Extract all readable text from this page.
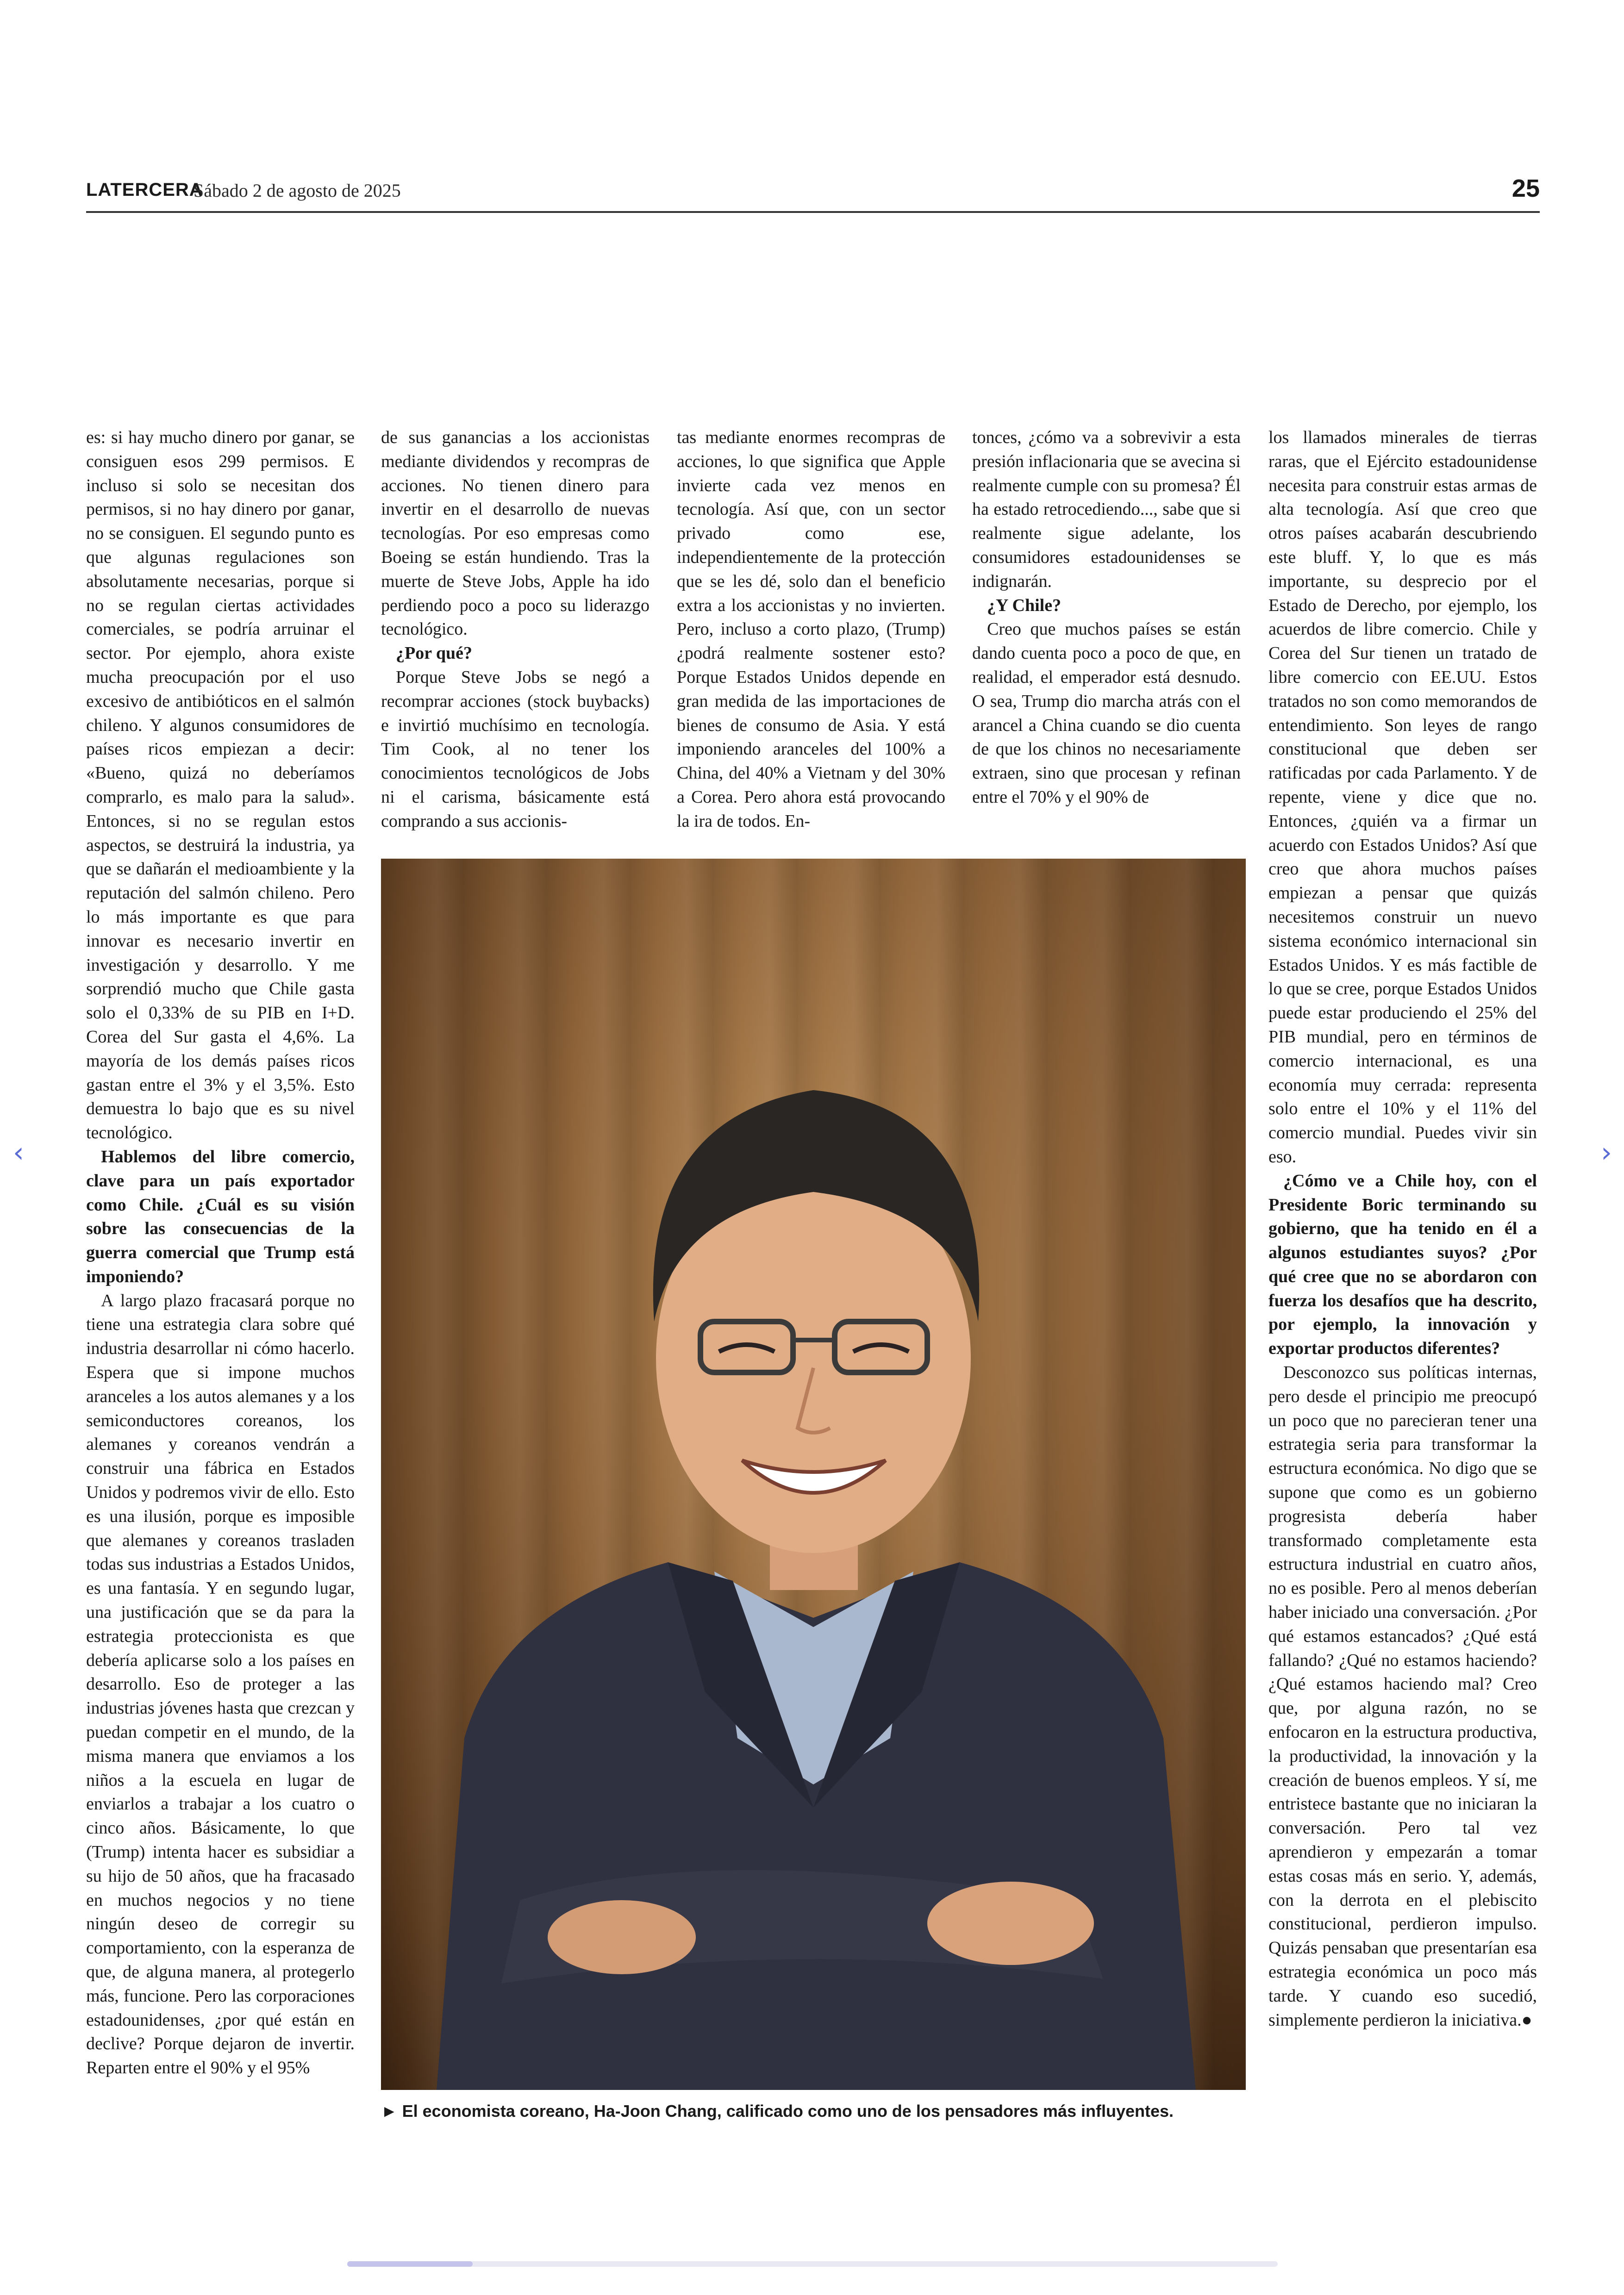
LATERCERA
Sábado 2 de agosto de 2025	25

es: si hay mucho dinero por ganar, se consiguen esos 299 permisos. E incluso si solo se necesitan dos permisos, si no hay dinero por ganar, no se consiguen. El segundo punto es que algunas regulaciones son absolutamente necesarias, porque si no se regulan ciertas actividades comerciales, se podría arruinar el sector. Por ejemplo, ahora existe mucha preocupación por el uso excesivo de antibióticos en el salmón chileno. Y algunos consumidores de países ricos empiezan a decir: «Bueno, quizá no deberíamos comprarlo, es malo para la salud». Entonces, si no se regulan estos aspectos, se destruirá la industria, ya que se dañarán el medioambiente y la reputación del salmón chileno. Pero lo más importante es que para innovar es necesario invertir en investigación y desarrollo. Y me sorprendió mucho que Chile gasta solo el 0,33% de su PIB en I+D. Corea del Sur gasta el 4,6%. La mayoría de los demás países ricos gastan entre el 3% y el 3,5%. Esto demuestra lo bajo que es su nivel tecnológico.

Hablemos del libre comercio, clave para un país exportador como Chile. ¿Cuál es su visión sobre las consecuencias de la guerra comercial que Trump está imponiendo?

A largo plazo fracasará porque no tiene una estrategia clara sobre qué industria desarrollar ni cómo hacerlo. Espera que si impone muchos aranceles a los autos alemanes y a los semiconductores coreanos, los alemanes y coreanos vendrán a construir una fábrica en Estados Unidos y podremos vivir de ello. Esto es una ilusión, porque es imposible que alemanes y coreanos trasladen todas sus industrias a Estados Unidos, es una fantasía. Y en segundo lugar, una justificación que se da para la estrategia proteccionista es que debería aplicarse solo a los países en desarrollo. Eso de proteger a las industrias jóvenes hasta que crezcan y puedan competir en el mundo, de la misma manera que enviamos a los niños a la escuela en lugar de enviarlos a trabajar a los cuatro o cinco años. Básicamente, lo que (Trump) intenta hacer es subsidiar a su hijo de 50 años, que ha fracasado en muchos negocios y no tiene ningún deseo de corregir su comportamiento, con la esperanza de que, de alguna manera, al protegerlo más, funcione. Pero las corporaciones estadounidenses, ¿por qué están en declive? Porque dejaron de invertir. Reparten entre el 90% y el 95%

de sus ganancias a los accionistas mediante dividendos y recompras de acciones. No tienen dinero para invertir en el desarrollo de nuevas tecnologías. Por eso empresas como Boeing se están hundiendo. Tras la muerte de Steve Jobs, Apple ha ido perdiendo poco a poco su liderazgo tecnológico.

¿Por qué?

Porque Steve Jobs se negó a recomprar acciones (stock buybacks) e invirtió muchísimo en tecnología. Tim Cook, al no tener los conocimientos tecnológicos de Jobs ni el carisma, básicamente está comprando a sus accionis-

tas mediante enormes recompras de acciones, lo que significa que Apple invierte cada vez menos en tecnología. Así que, con un sector privado como ese, independientemente de la protección que se les dé, solo dan el beneficio extra a los accionistas y no invierten. Pero, incluso a corto plazo, (Trump) ¿podrá realmente sostener esto? Porque Estados Unidos depende en gran medida de las importaciones de bienes de consumo de Asia. Y está imponiendo aranceles del 100% a China, del 40% a Vietnam y del 30% a Corea. Pero ahora está provocando la ira de todos. En-

tonces, ¿cómo va a sobrevivir a esta presión inflacionaria que se avecina si realmente cumple con su promesa? Él ha estado retrocediendo..., sabe que si realmente sigue adelante, los consumidores estadounidenses se indignarán.

¿Y Chile?

Creo que muchos países se están dando cuenta poco a poco de que, en realidad, el emperador está desnudo. O sea, Trump dio marcha atrás con el arancel a China cuando se dio cuenta de que los chinos no necesariamente extraen, sino que procesan y refinan entre el 70% y el 90% de

los llamados minerales de tierras raras, que el Ejército estadounidense necesita para construir estas armas de alta tecnología. Así que creo que otros países acabarán descubriendo este bluff. Y, lo que es más importante, su desprecio por el Estado de Derecho, por ejemplo, los acuerdos de libre comercio. Chile y Corea del Sur tienen un tratado de libre comercio con EE.UU. Estos tratados no son como memorandos de entendimiento. Son leyes de rango constitucional que deben ser ratificadas por cada Parlamento. Y de repente, viene y dice que no. Entonces, ¿quién va a firmar un acuerdo con Estados Unidos? Así que creo que ahora muchos países empiezan a pensar que quizás necesitemos construir un nuevo sistema económico internacional sin Estados Unidos. Y es más factible de lo que se cree, porque Estados Unidos puede estar produciendo el 25% del PIB mundial, pero en términos de comercio internacional, es una economía muy cerrada: representa solo entre el 10% y el 11% del comercio mundial. Puedes vivir sin eso.

¿Cómo ve a Chile hoy, con el Presidente Boric terminando su gobierno, que ha tenido en él a algunos estudiantes suyos? ¿Por qué cree que no se abordaron con fuerza los desafíos que ha descrito, por ejemplo, la innovación y exportar productos diferentes?

Desconozco sus políticas internas, pero desde el principio me preocupó un poco que no parecieran tener una estrategia seria para transformar la estructura económica. No digo que se supone que como es un gobierno progresista debería haber transformado completamente esta estructura industrial en cuatro años, no es posible. Pero al menos deberían haber iniciado una conversación. ¿Por qué estamos estancados? ¿Qué está fallando? ¿Qué no estamos haciendo? ¿Qué estamos haciendo mal? Creo que, por alguna razón, no se enfocaron en la estructura productiva, la productividad, la innovación y la creación de buenos empleos. Y sí, me entristece bastante que no iniciaran la conversación. Pero tal vez aprendieron y empezarán a tomar estas cosas más en serio. Y, además, con la derrota en el plebiscito constitucional, perdieron impulso. Quizás pensaban que presentarían esa estrategia económica un poco más tarde. Y cuando eso sucedió, simplemente perdieron la iniciativa.●

► El economista coreano, Ha-Joon Chang, calificado como uno de los pensadores más influyentes.
‹	›
